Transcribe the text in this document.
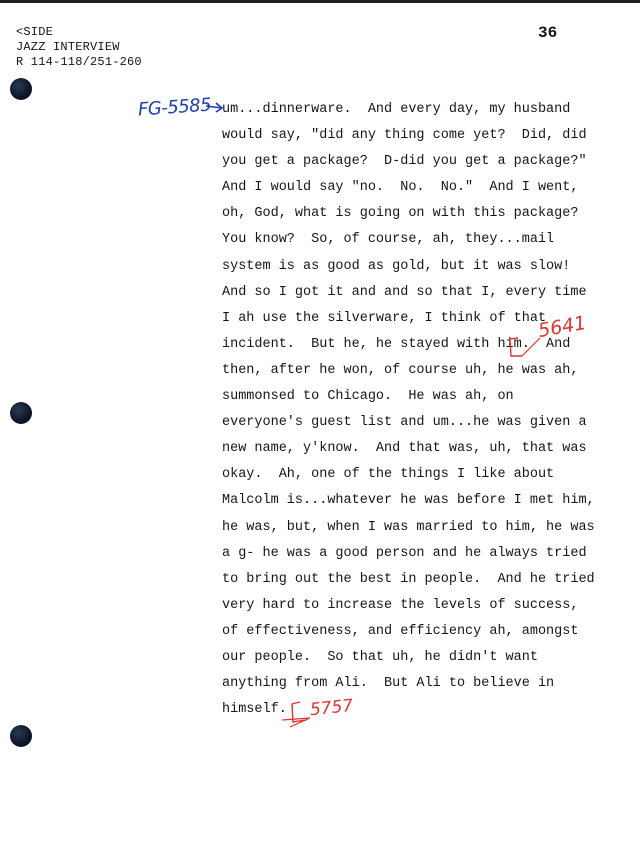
<SIDE
JAZZ INTERVIEW
R 114-118/251-260
36
um...dinnerware.  And every day, my husband
would say, "did any thing come yet?  Did, did
you get a package?  D-did you get a package?"
And I would say "no.  No.  No."  And I went,
oh, God, what is going on with this package?
You know?  So, of course, ah, they...mail
system is as good as gold, but it was slow!
And so I got it and and so that I, every time
I ah use the silverware, I think of that
incident.  But he, he stayed with him.  And
then, after he won, of course uh, he was ah,
summonsed to Chicago.  He was ah, on
everyone's guest list and um...he was given a
new name, y'know.  And that was, uh, that was
okay.  Ah, one of the things I like about
Malcolm is...whatever he was before I met him,
he was, but, when I was married to him, he was
a g- he was a good person and he always tried
to bring out the best in people.  And he tried
very hard to increase the levels of success,
of effectiveness, and efficiency ah, amongst
our people.  So that uh, he didn't want
anything from Ali.  But Ali to believe in
himself.
FG-5585
5641
5757
